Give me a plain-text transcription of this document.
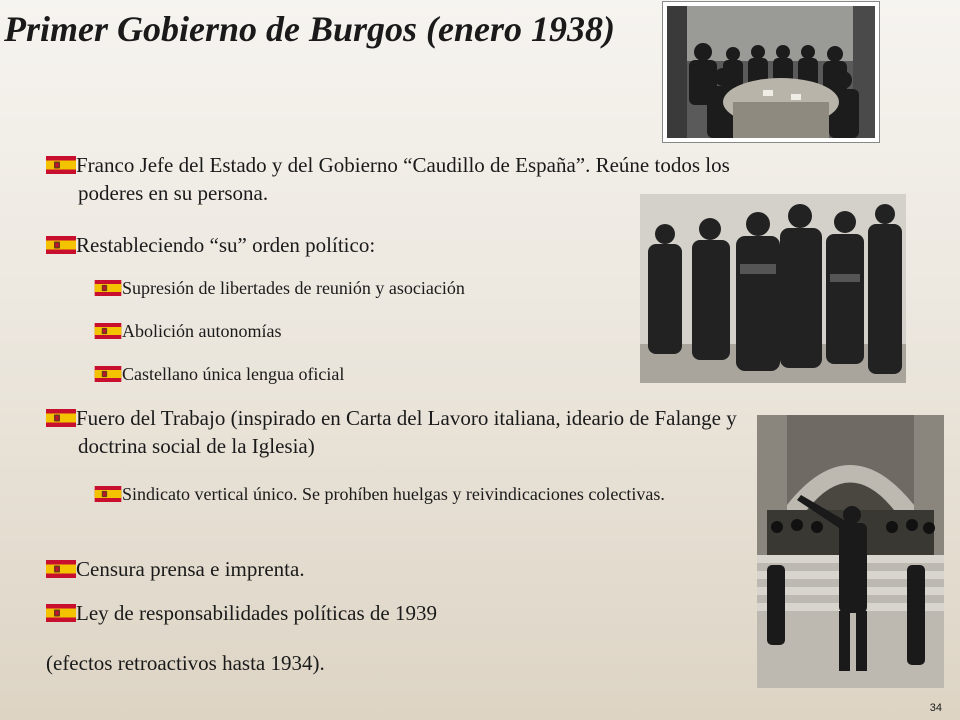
Primer Gobierno de Burgos (enero 1938)
Franco Jefe del Estado y del Gobierno “Caudillo de España”. Reúne todos los poderes en su persona.
Restableciendo “su” orden político:
Supresión de libertades de reunión y asociación
Abolición autonomías
Castellano única lengua oficial
Fuero del Trabajo (inspirado en Carta del Lavoro italiana, ideario de Falange y doctrina social de la Iglesia)
Sindicato vertical único. Se prohíben huelgas y reivindicaciones colectivas.
Censura prensa e imprenta.
Ley de responsabilidades políticas de 1939
(efectos retroactivos hasta 1934).
34
